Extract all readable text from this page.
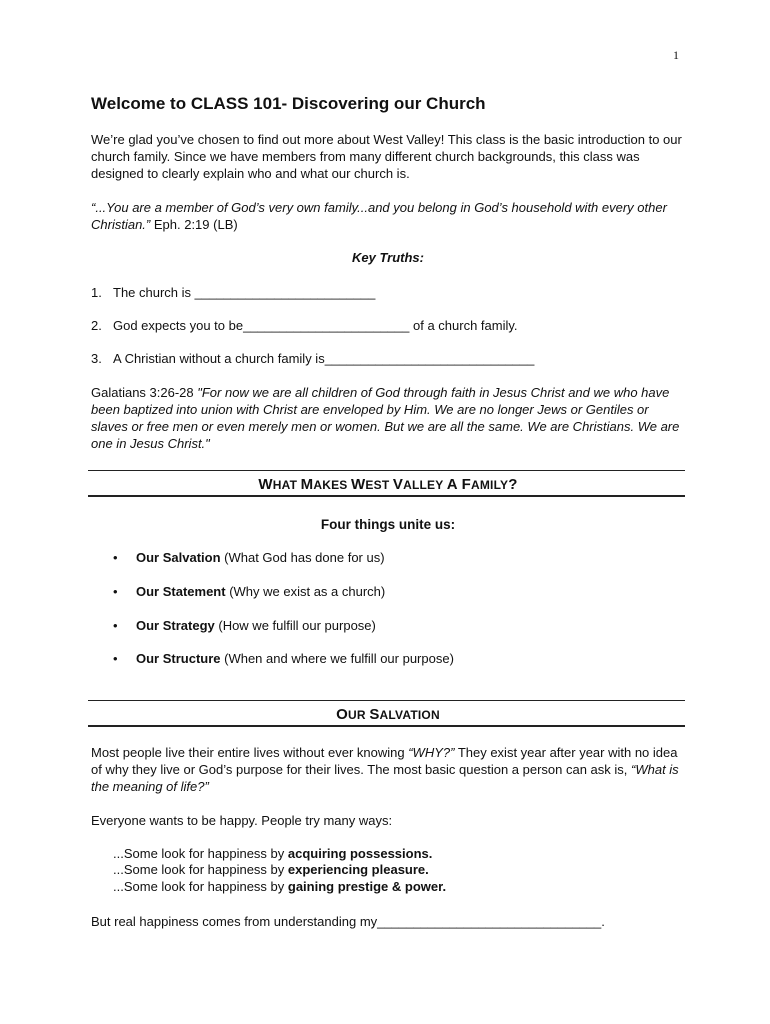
1
Welcome to CLASS 101- Discovering our Church
We’re glad you’ve chosen to find out more about West Valley! This class is the basic introduction to our church family. Since we have members from many different church backgrounds, this class was designed to clearly explain who and what our church is.
“...You are a member of God’s very own family...and you belong in God’s household with every other Christian.” Eph. 2:19 (LB)
Key Truths:
1. The church is _________________________
2. God expects you to be_______________________ of a church family.
3. A Christian without a church family is_____________________________
Galatians 3:26-28 "For now we are all children of God through faith in Jesus Christ and we who have been baptized into union with Christ are enveloped by Him. We are no longer Jews or Gentiles or slaves or free men or even merely men or women. But we are all the same. We are Christians. We are one in Jesus Christ."
WHAT MAKES WEST VALLEY A FAMILY?
Four things unite us:
• Our Salvation (What God has done for us)
• Our Statement (Why we exist as a church)
• Our Strategy (How we fulfill our purpose)
• Our Structure (When and where we fulfill our purpose)
OUR SALVATION
Most people live their entire lives without ever knowing “WHY?” They exist year after year with no idea of why they live or God’s purpose for their lives. The most basic question a person can ask is, “What is the meaning of life?”
Everyone wants to be happy. People try many ways:
...Some look for happiness by acquiring possessions.
...Some look for happiness by experiencing pleasure.
...Some look for happiness by gaining prestige & power.
But real happiness comes from understanding my_______________________________.
